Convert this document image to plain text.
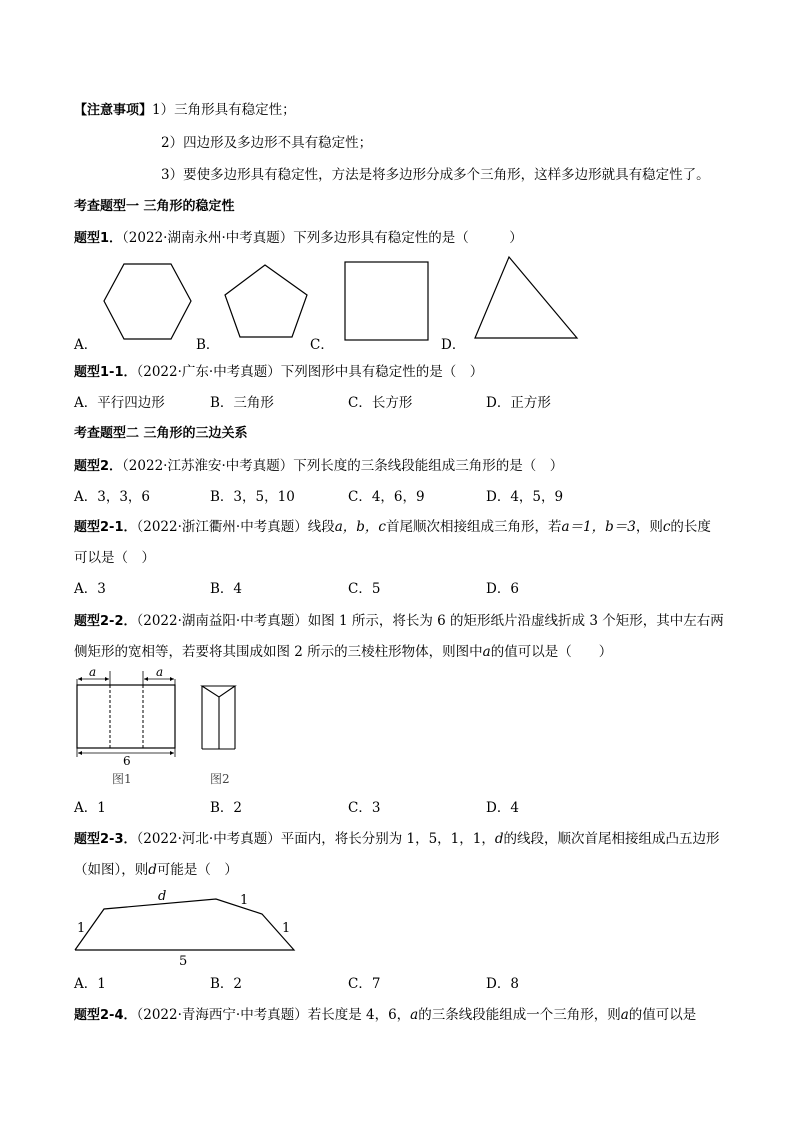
【注意事项】1）三角形具有稳定性；
2）四边形及多边形不具有稳定性；
3）要使多边形具有稳定性，方法是将多边形分成多个三角形，这样多边形就具有稳定性了。
考查题型一 三角形的稳定性
题型1．（2022·湖南永州·中考真题）下列多边形具有稳定性的是（　　　）
A．	B．	C．	D．
题型1-1．（2022·广东·中考真题）下列图形中具有稳定性的是（　）
A．平行四边形	B．三角形	C．长方形	D．正方形
考查题型二 三角形的三边关系
题型2．（2022·江苏淮安·中考真题）下列长度的三条线段能组成三角形的是（　）
A．3，3，6	B．3，5，10	C．4，6，9	D．4，5，9
题型2-1．（2022·浙江衢州·中考真题）线段a，b，c首尾顺次相接组成三角形，若a＝1，b＝3，则c的长度
可以是（　）
A．3	B．4	C．5	D．6
题型2-2．（2022·湖南益阳·中考真题）如图 1 所示，将长为 6 的矩形纸片沿虚线折成 3 个矩形，其中左右两
侧矩形的宽相等，若要将其围成如图 2 所示的三棱柱形物体，则图中a的值可以是（　　）
a	a
6
图1	图2
A．1	B．2	C．3	D．4
题型2-3．（2022·河北·中考真题）平面内，将长分别为 1，5，1，1，d的线段，顺次首尾相接组成凸五边形
（如图），则d可能是（　）
d
1
1
1
5
A．1	B．2	C．7	D．8
题型2-4．（2022·青海西宁·中考真题）若长度是 4，6，a的三条线段能组成一个三角形，则a的值可以是
